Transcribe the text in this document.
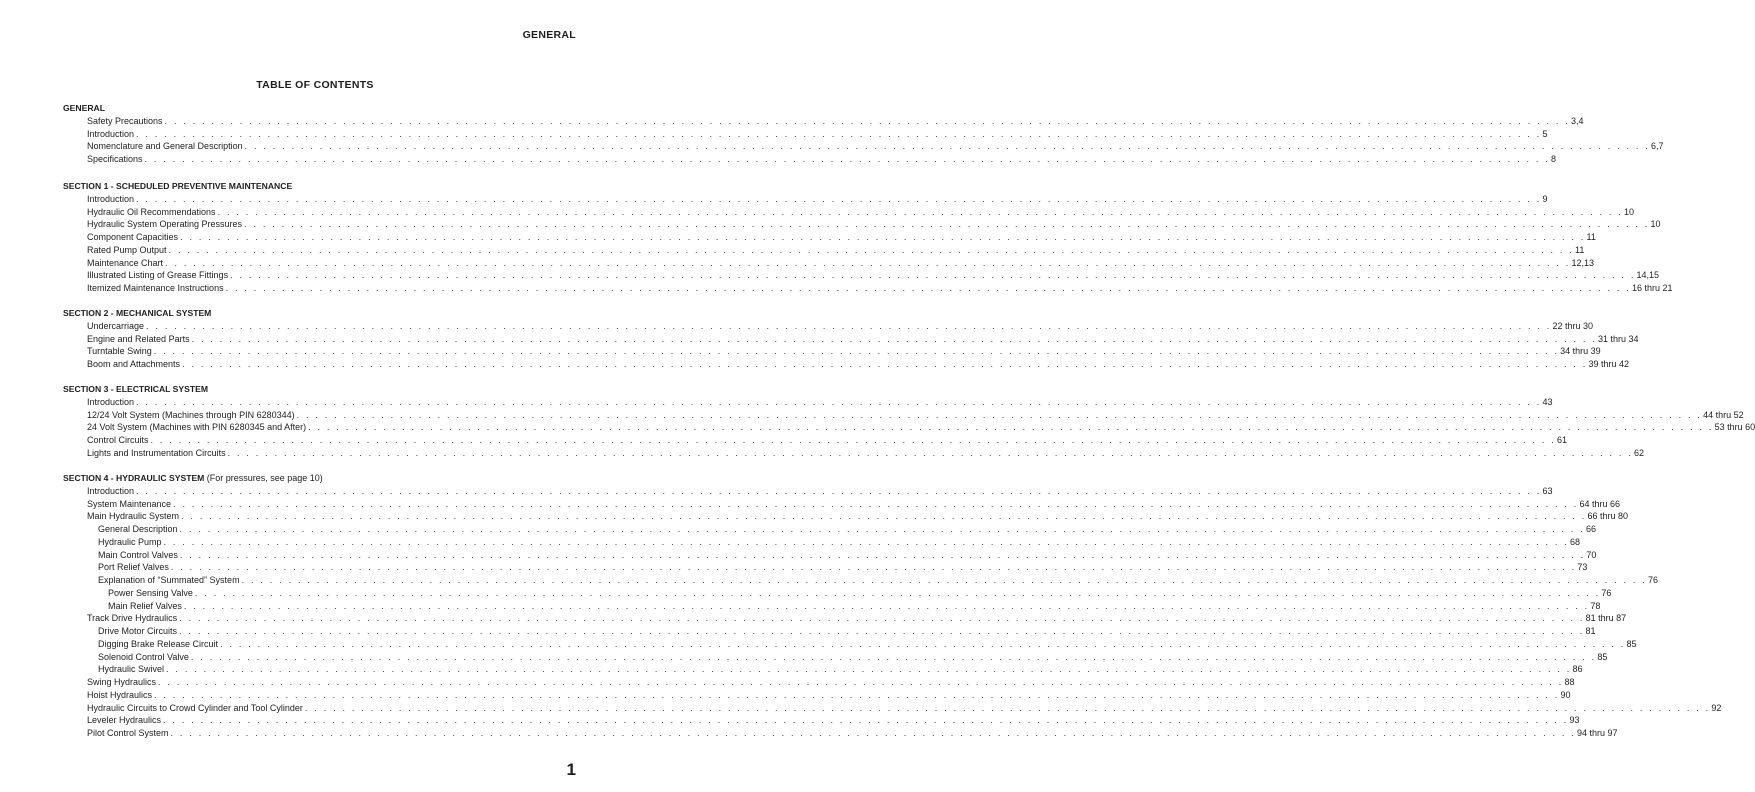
GENERAL
TABLE OF CONTENTS
GENERAL
Safety Precautions . . . . . . . . . . . . . . . . . . . . . . . . . . . . . . . . . . . . . . . . . . . . . . . . . . . . . . . . . . . . . . . . . . . . . . . . . . . . . . . . . . . . . . . . . . . . . . . . . . . . . . . . . . . . . . . . . . . . . . . . . . . . . . . . . . . . . . . . . . . . . . . . . . . . . . 3,4
Introduction . . . . . . . . . . . . . . . . . . . . . . . . . . . . . . . . . . . . . . . . . . . . . . . . . . . . . . . . . . . . . . . . . . . . . . . . . . . . . . . . . . . . . . . . . . . . . . . . . . . . . . . . . . . . . . . . . . . . . . . . . . . . . . . . . . . . . . . . . . . . . . . . . . . . . . 5
Nomenclature and General Description . . . . . . . . . . . . . . . . . . . . . . . . . . . . . . . . . . . . . . . . . . . . . . . . . . . . . . . . . . . . . . . . . . . . . . . . . . . . . . . . . . . . . . . . . . . . . . . . . . . . . . . . . . . . . . . . . . . . . . . . . . . . . . . . . . . . . . . . . . . . . . . . . . . . . . 6,7
Specifications . . . . . . . . . . . . . . . . . . . . . . . . . . . . . . . . . . . . . . . . . . . . . . . . . . . . . . . . . . . . . . . . . . . . . . . . . . . . . . . . . . . . . . . . . . . . . . . . . . . . . . . . . . . . . . . . . . . . . . . . . . . . . . . . . . . . . . . . . . . . . . . . . . . . . . 8
SECTION 1 - SCHEDULED PREVENTIVE MAINTENANCE
Introduction . . . . . . . . . . . . . . . . . . . . . . . . . . . . . . . . . . . . . . . . . . . . . . . . . . . . . . . . . . . . . . . . . . . . . . . . . . . . . . . . . . . . . . . . . . . . . . . . . . . . . . . . . . . . . . . . . . . . . . . . . . . . . . . . . . . . . . . . . . . . . . . . . . . . . . 9
Hydraulic Oil Recommendations . . . . . . . . . . . . . . . . . . . . . . . . . . . . . . . . . . . . . . . . . . . . . . . . . . . . . . . . . . . . . . . . . . . . . . . . . . . . . . . . . . . . . . . . . . . . . . . . . . . . . . . . . . . . . . . . . . . . . . . . . . . . . . . . . . . . . . . . . . . . . . . . . . . . . . 10
Hydraulic System Operating Pressures . . . . . . . . . . . . . . . . . . . . . . . . . . . . . . . . . . . . . . . . . . . . . . . . . . . . . . . . . . . . . . . . . . . . . . . . . . . . . . . . . . . . . . . . . . . . . . . . . . . . . . . . . . . . . . . . . . . . . . . . . . . . . . . . . . . . . . . . . . . . . . . . . . . . . . 10
Component Capacities . . . . . . . . . . . . . . . . . . . . . . . . . . . . . . . . . . . . . . . . . . . . . . . . . . . . . . . . . . . . . . . . . . . . . . . . . . . . . . . . . . . . . . . . . . . . . . . . . . . . . . . . . . . . . . . . . . . . . . . . . . . . . . . . . . . . . . . . . . . . . . . . . . . . . . 11
Rated Pump Output . . . . . . . . . . . . . . . . . . . . . . . . . . . . . . . . . . . . . . . . . . . . . . . . . . . . . . . . . . . . . . . . . . . . . . . . . . . . . . . . . . . . . . . . . . . . . . . . . . . . . . . . . . . . . . . . . . . . . . . . . . . . . . . . . . . . . . . . . . . . . . . . . . . . . . 11
Maintenance Chart . . . . . . . . . . . . . . . . . . . . . . . . . . . . . . . . . . . . . . . . . . . . . . . . . . . . . . . . . . . . . . . . . . . . . . . . . . . . . . . . . . . . . . . . . . . . . . . . . . . . . . . . . . . . . . . . . . . . . . . . . . . . . . . . . . . . . . . . . . . . . . . . . . . . . . 12,13
Illustrated Listing of Grease Fittings . . . . . . . . . . . . . . . . . . . . . . . . . . . . . . . . . . . . . . . . . . . . . . . . . . . . . . . . . . . . . . . . . . . . . . . . . . . . . . . . . . . . . . . . . . . . . . . . . . . . . . . . . . . . . . . . . . . . . . . . . . . . . . . . . . . . . . . . . . . . . . . . . . . . . . 14,15
Itemized Maintenance Instructions . . . . . . . . . . . . . . . . . . . . . . . . . . . . . . . . . . . . . . . . . . . . . . . . . . . . . . . . . . . . . . . . . . . . . . . . . . . . . . . . . . . . . . . . . . . . . . . . . . . . . . . . . . . . . . . . . . . . . . . . . . . . . . . . . . . . . . . . . . . . . . . . . . . . . . 16 thru 21
SECTION 2 - MECHANICAL SYSTEM
Undercarriage . . . . . . . . . . . . . . . . . . . . . . . . . . . . . . . . . . . . . . . . . . . . . . . . . . . . . . . . . . . . . . . . . . . . . . . . . . . . . . . . . . . . . . . . . . . . . . . . . . . . . . . . . . . . . . . . . . . . . . . . . . . . . . . . . . . . . . . . . . . . . . . . . . . . . . 22 thru 30
Engine and Related Parts . . . . . . . . . . . . . . . . . . . . . . . . . . . . . . . . . . . . . . . . . . . . . . . . . . . . . . . . . . . . . . . . . . . . . . . . . . . . . . . . . . . . . . . . . . . . . . . . . . . . . . . . . . . . . . . . . . . . . . . . . . . . . . . . . . . . . . . . . . . . . . . . . . . . . . 31 thru 34
Turntable Swing . . . . . . . . . . . . . . . . . . . . . . . . . . . . . . . . . . . . . . . . . . . . . . . . . . . . . . . . . . . . . . . . . . . . . . . . . . . . . . . . . . . . . . . . . . . . . . . . . . . . . . . . . . . . . . . . . . . . . . . . . . . . . . . . . . . . . . . . . . . . . . . . . . . . . . 34 thru 39
Boom and Attachments . . . . . . . . . . . . . . . . . . . . . . . . . . . . . . . . . . . . . . . . . . . . . . . . . . . . . . . . . . . . . . . . . . . . . . . . . . . . . . . . . . . . . . . . . . . . . . . . . . . . . . . . . . . . . . . . . . . . . . . . . . . . . . . . . . . . . . . . . . . . . . . . . . . . . . 39 thru 42
SECTION 3 - ELECTRICAL SYSTEM
Introduction . . . . . . . . . . . . . . . . . . . . . . . . . . . . . . . . . . . . . . . . . . . . . . . . . . . . . . . . . . . . . . . . . . . . . . . . . . . . . . . . . . . . . . . . . . . . . . . . . . . . . . . . . . . . . . . . . . . . . . . . . . . . . . . . . . . . . . . . . . . . . . . . . . . . . . 43
12/24 Volt System (Machines through PIN 6280344) . . . . . . . . . . . . . . . . . . . . . . . . . . . . . . . . . . . . . . . . . . . . . . . . . . . . . . . . . . . . . . . . . . . . . . . . . . . . . . . . . . . . . . . . . . . . . . . . . . . . . . . . . . . . . . . . . . . . . . . . . . . . . . . . . . . . . . . . . . . . . . . . . . . . . . 44 thru 52
24 Volt System (Machines with PIN 6280345 and After) . . . . . . . . . . . . . . . . . . . . . . . . . . . . . . . . . . . . . . . . . . . . . . . . . . . . . . . . . . . . . . . . . . . . . . . . . . . . . . . . . . . . . . . . . . . . . . . . . . . . . . . . . . . . . . . . . . . . . . . . . . . . . . . . . . . . . . . . . . . . . . . . . . . . . . 53 thru 60
Control Circuits . . . . . . . . . . . . . . . . . . . . . . . . . . . . . . . . . . . . . . . . . . . . . . . . . . . . . . . . . . . . . . . . . . . . . . . . . . . . . . . . . . . . . . . . . . . . . . . . . . . . . . . . . . . . . . . . . . . . . . . . . . . . . . . . . . . . . . . . . . . . . . . . . . . . . . 61
Lights and Instrumentation Circuits . . . . . . . . . . . . . . . . . . . . . . . . . . . . . . . . . . . . . . . . . . . . . . . . . . . . . . . . . . . . . . . . . . . . . . . . . . . . . . . . . . . . . . . . . . . . . . . . . . . . . . . . . . . . . . . . . . . . . . . . . . . . . . . . . . . . . . . . . . . . . . . . . . . . . . 62
SECTION 4 - HYDRAULIC SYSTEM (For pressures, see page 10)
Introduction . . . . . . . . . . . . . . . . . . . . . . . . . . . . . . . . . . . . . . . . . . . . . . . . . . . . . . . . . . . . . . . . . . . . . . . . . . . . . . . . . . . . . . . . . . . . . . . . . . . . . . . . . . . . . . . . . . . . . . . . . . . . . . . . . . . . . . . . . . . . . . . . . . . . . . 63
System Maintenance . . . . . . . . . . . . . . . . . . . . . . . . . . . . . . . . . . . . . . . . . . . . . . . . . . . . . . . . . . . . . . . . . . . . . . . . . . . . . . . . . . . . . . . . . . . . . . . . . . . . . . . . . . . . . . . . . . . . . . . . . . . . . . . . . . . . . . . . . . . . . . . . . . . . . . 64 thru 66
Main Hydraulic System . . . . . . . . . . . . . . . . . . . . . . . . . . . . . . . . . . . . . . . . . . . . . . . . . . . . . . . . . . . . . . . . . . . . . . . . . . . . . . . . . . . . . . . . . . . . . . . . . . . . . . . . . . . . . . . . . . . . . . . . . . . . . . . . . . . . . . . . . . . . . . . . . . . . . . 66 thru 80
General Description . . . . . . . . . . . . . . . . . . . . . . . . . . . . . . . . . . . . . . . . . . . . . . . . . . . . . . . . . . . . . . . . . . . . . . . . . . . . . . . . . . . . . . . . . . . . . . . . . . . . . . . . . . . . . . . . . . . . . . . . . . . . . . . . . . . . . . . . . . . . . . . . . . . . . . 66
Hydraulic Pump . . . . . . . . . . . . . . . . . . . . . . . . . . . . . . . . . . . . . . . . . . . . . . . . . . . . . . . . . . . . . . . . . . . . . . . . . . . . . . . . . . . . . . . . . . . . . . . . . . . . . . . . . . . . . . . . . . . . . . . . . . . . . . . . . . . . . . . . . . . . . . . . . . . . . . 68
Main Control Valves . . . . . . . . . . . . . . . . . . . . . . . . . . . . . . . . . . . . . . . . . . . . . . . . . . . . . . . . . . . . . . . . . . . . . . . . . . . . . . . . . . . . . . . . . . . . . . . . . . . . . . . . . . . . . . . . . . . . . . . . . . . . . . . . . . . . . . . . . . . . . . . . . . . . . . 70
Port Relief Valves . . . . . . . . . . . . . . . . . . . . . . . . . . . . . . . . . . . . . . . . . . . . . . . . . . . . . . . . . . . . . . . . . . . . . . . . . . . . . . . . . . . . . . . . . . . . . . . . . . . . . . . . . . . . . . . . . . . . . . . . . . . . . . . . . . . . . . . . . . . . . . . . . . . . . . 73
Explanation of “Summated” System . . . . . . . . . . . . . . . . . . . . . . . . . . . . . . . . . . . . . . . . . . . . . . . . . . . . . . . . . . . . . . . . . . . . . . . . . . . . . . . . . . . . . . . . . . . . . . . . . . . . . . . . . . . . . . . . . . . . . . . . . . . . . . . . . . . . . . . . . . . . . . . . . . . . . . 76
Power Sensing Valve . . . . . . . . . . . . . . . . . . . . . . . . . . . . . . . . . . . . . . . . . . . . . . . . . . . . . . . . . . . . . . . . . . . . . . . . . . . . . . . . . . . . . . . . . . . . . . . . . . . . . . . . . . . . . . . . . . . . . . . . . . . . . . . . . . . . . . . . . . . . . . . . . . . . . . 76
Main Relief Valves . . . . . . . . . . . . . . . . . . . . . . . . . . . . . . . . . . . . . . . . . . . . . . . . . . . . . . . . . . . . . . . . . . . . . . . . . . . . . . . . . . . . . . . . . . . . . . . . . . . . . . . . . . . . . . . . . . . . . . . . . . . . . . . . . . . . . . . . . . . . . . . . . . . . . . 78
Track Drive Hydraulics . . . . . . . . . . . . . . . . . . . . . . . . . . . . . . . . . . . . . . . . . . . . . . . . . . . . . . . . . . . . . . . . . . . . . . . . . . . . . . . . . . . . . . . . . . . . . . . . . . . . . . . . . . . . . . . . . . . . . . . . . . . . . . . . . . . . . . . . . . . . . . . . . . . . . . 81 thru 87
Drive Motor Circuits . . . . . . . . . . . . . . . . . . . . . . . . . . . . . . . . . . . . . . . . . . . . . . . . . . . . . . . . . . . . . . . . . . . . . . . . . . . . . . . . . . . . . . . . . . . . . . . . . . . . . . . . . . . . . . . . . . . . . . . . . . . . . . . . . . . . . . . . . . . . . . . . . . . . . . 81
Digging Brake Release Circuit . . . . . . . . . . . . . . . . . . . . . . . . . . . . . . . . . . . . . . . . . . . . . . . . . . . . . . . . . . . . . . . . . . . . . . . . . . . . . . . . . . . . . . . . . . . . . . . . . . . . . . . . . . . . . . . . . . . . . . . . . . . . . . . . . . . . . . . . . . . . . . . . . . . . . . 85
Solenoid Control Valve . . . . . . . . . . . . . . . . . . . . . . . . . . . . . . . . . . . . . . . . . . . . . . . . . . . . . . . . . . . . . . . . . . . . . . . . . . . . . . . . . . . . . . . . . . . . . . . . . . . . . . . . . . . . . . . . . . . . . . . . . . . . . . . . . . . . . . . . . . . . . . . . . . . . . . 85
Hydraulic Swivel . . . . . . . . . . . . . . . . . . . . . . . . . . . . . . . . . . . . . . . . . . . . . . . . . . . . . . . . . . . . . . . . . . . . . . . . . . . . . . . . . . . . . . . . . . . . . . . . . . . . . . . . . . . . . . . . . . . . . . . . . . . . . . . . . . . . . . . . . . . . . . . . . . . . . . 86
Swing Hydraulics . . . . . . . . . . . . . . . . . . . . . . . . . . . . . . . . . . . . . . . . . . . . . . . . . . . . . . . . . . . . . . . . . . . . . . . . . . . . . . . . . . . . . . . . . . . . . . . . . . . . . . . . . . . . . . . . . . . . . . . . . . . . . . . . . . . . . . . . . . . . . . . . . . . . . . 88
Hoist Hydraulics . . . . . . . . . . . . . . . . . . . . . . . . . . . . . . . . . . . . . . . . . . . . . . . . . . . . . . . . . . . . . . . . . . . . . . . . . . . . . . . . . . . . . . . . . . . . . . . . . . . . . . . . . . . . . . . . . . . . . . . . . . . . . . . . . . . . . . . . . . . . . . . . . . . . . . 90
Hydraulic Circuits to Crowd Cylinder and Tool Cylinder . . . . . . . . . . . . . . . . . . . . . . . . . . . . . . . . . . . . . . . . . . . . . . . . . . . . . . . . . . . . . . . . . . . . . . . . . . . . . . . . . . . . . . . . . . . . . . . . . . . . . . . . . . . . . . . . . . . . . . . . . . . . . . . . . . . . . . . . . . . . . . . . . . . . . . 92
Leveler Hydraulics . . . . . . . . . . . . . . . . . . . . . . . . . . . . . . . . . . . . . . . . . . . . . . . . . . . . . . . . . . . . . . . . . . . . . . . . . . . . . . . . . . . . . . . . . . . . . . . . . . . . . . . . . . . . . . . . . . . . . . . . . . . . . . . . . . . . . . . . . . . . . . . . . . . . . . 93
Pilot Control System . . . . . . . . . . . . . . . . . . . . . . . . . . . . . . . . . . . . . . . . . . . . . . . . . . . . . . . . . . . . . . . . . . . . . . . . . . . . . . . . . . . . . . . . . . . . . . . . . . . . . . . . . . . . . . . . . . . . . . . . . . . . . . . . . . . . . . . . . . . . . . . . . . . . . . 94 thru 97
1
